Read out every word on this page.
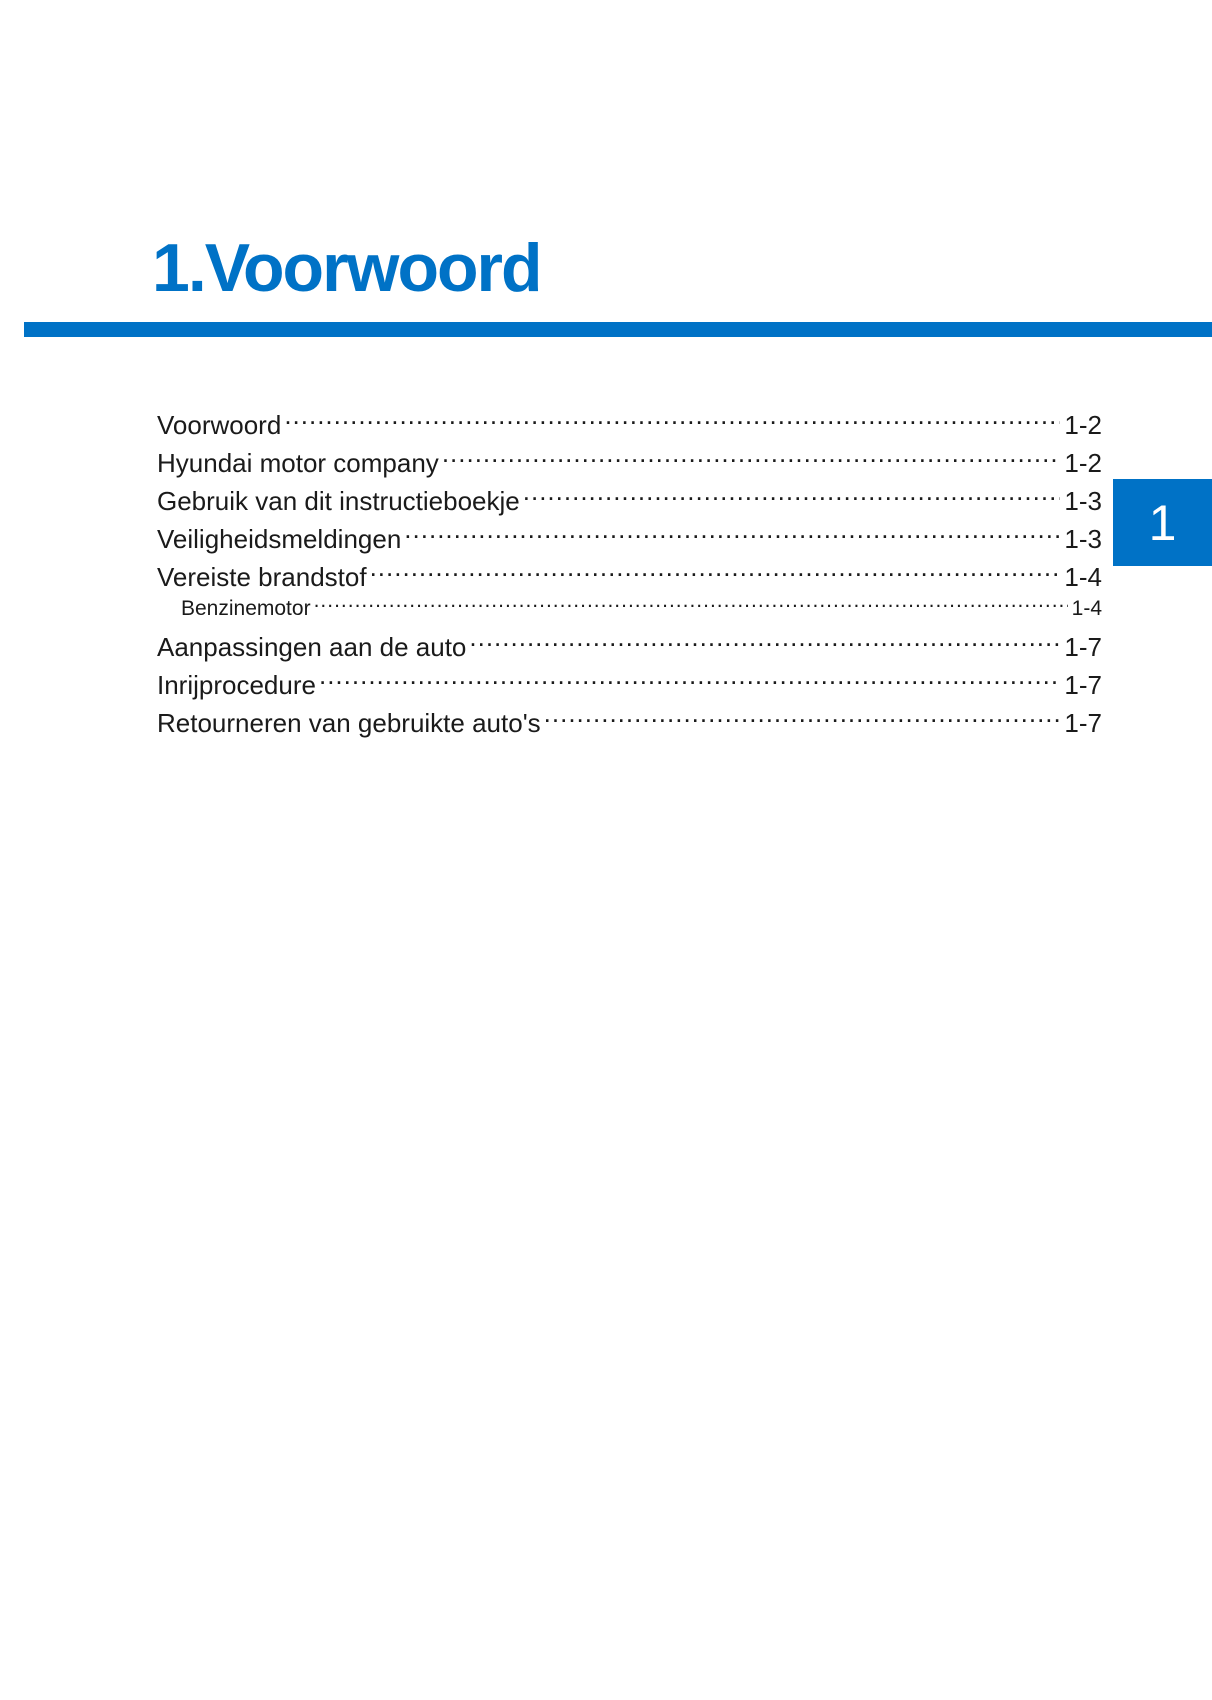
1.Voorwoord
1
Voorwoord .....	1-2
Hyundai motor company .....	1-2
Gebruik van dit instructieboekje .....	1-3
Veiligheidsmeldingen .....	1-3
Vereiste brandstof .....	1-4
Benzinemotor .....	1-4
Aanpassingen aan de auto .....	1-7
Inrijprocedure .....	1-7
Retourneren van gebruikte auto's .....	1-7
